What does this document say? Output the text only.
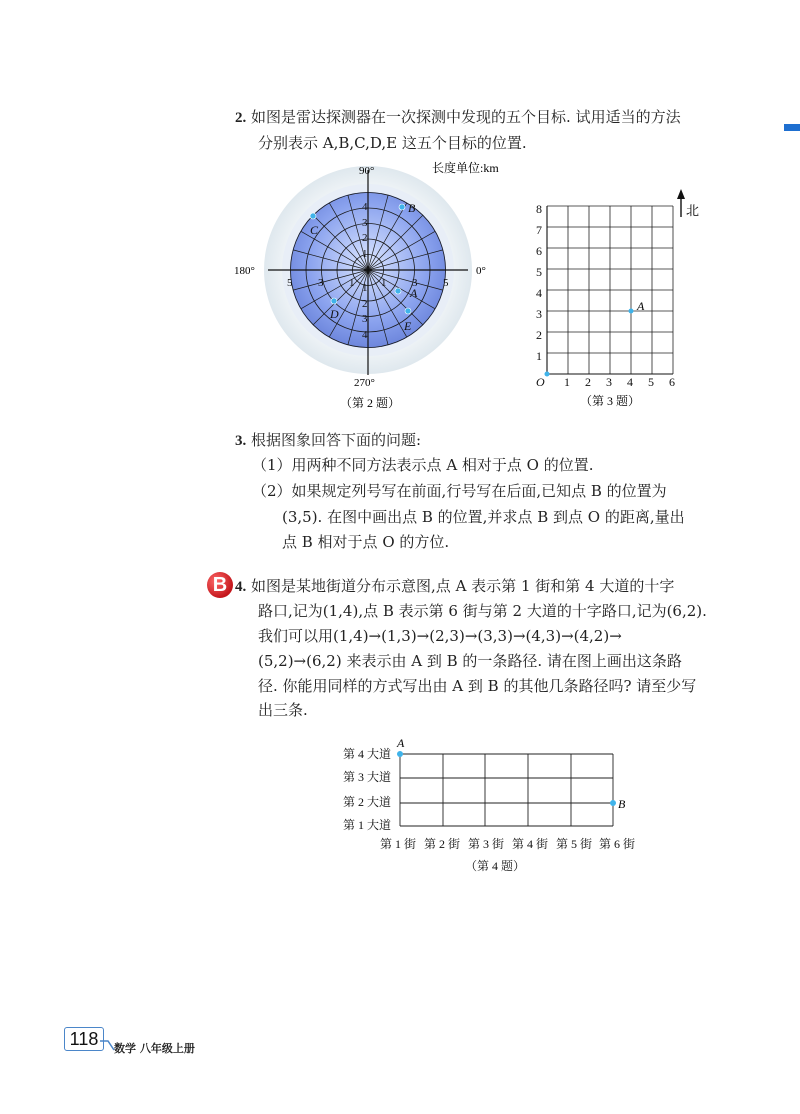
2. 如图是雷达探测器在一次探测中发现的五个目标. 试用适当的方法
分别表示 A,B,C,D,E 这五个目标的位置.
90°
180°	0°
270°
长度单位:km
1
2
3
4
1
2
3
4
5 3 1 1 3 5
A
B
C
D
E
（第 2 题）
8
7
6
5
4
3
2
1
1 2 3 4 5 6
O
A
北
（第 3 题）
3. 根据图象回答下面的问题:
（1）用两种不同方法表示点 A 相对于点 O 的位置.
（2）如果规定列号写在前面,行号写在后面,已知点 B 的位置为
(3,5). 在图中画出点 B 的位置,并求点 B 到点 O 的距离,量出
点 B 相对于点 O 的方位.
B 4. 如图是某地街道分布示意图,点 A 表示第 1 街和第 4 大道的十字
路口,记为(1,4),点 B 表示第 6 街与第 2 大道的十字路口,记为(6,2).
我们可以用(1,4)→(1,3)→(2,3)→(3,3)→(4,3)→(4,2)→
(5,2)→(6,2) 来表示由 A 到 B 的一条路径. 请在图上画出这条路
径. 你能用同样的方式写出由 A 到 B 的其他几条路径吗? 请至少写
出三条.
第 4 大道
第 3 大道
第 2 大道
第 1 大道
第 1 街 第 2 街 第 3 街 第 4 街 第 5 街 第 6 街
（第 4 题）
A
B
118	数学 八年级上册
